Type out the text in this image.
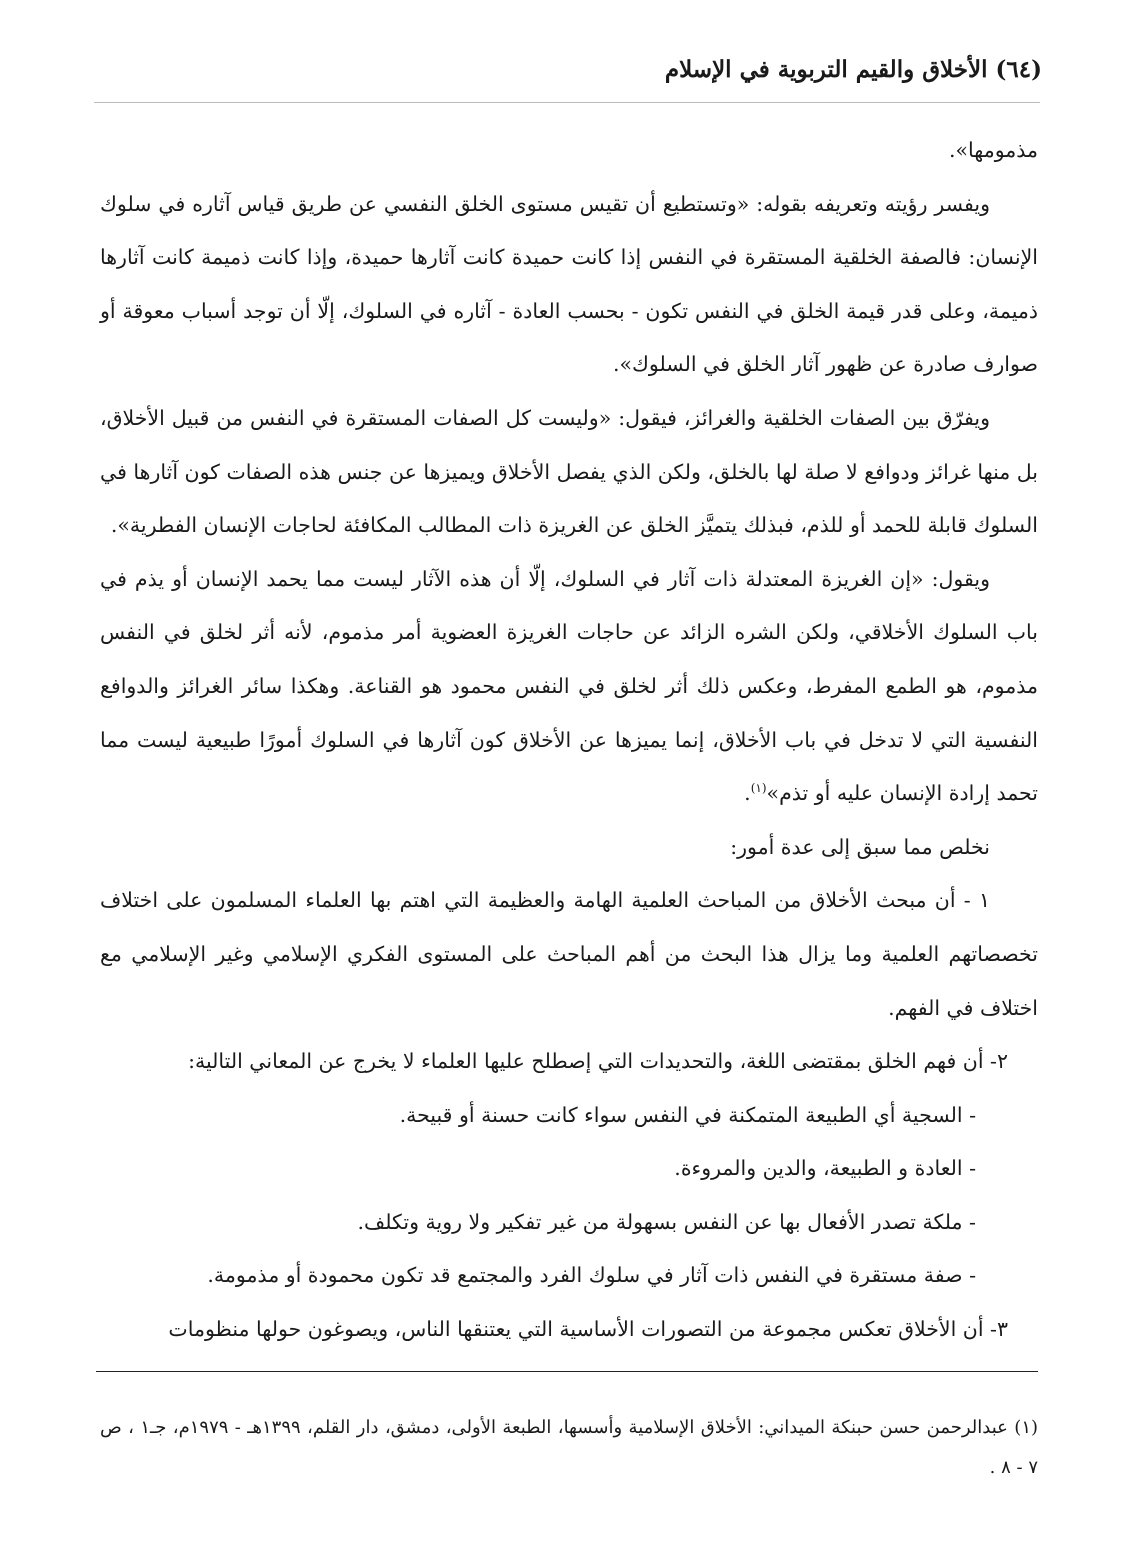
(٦٤) الأخلاق والقيم التربوية في الإسلام

مذمومها».

ويفسر رؤيته وتعريفه بقوله: «وتستطيع أن تقيس مستوى الخلق النفسي عن طريق قياس آثاره في سلوك الإنسان: فالصفة الخلقية المستقرة في النفس إذا كانت حميدة كانت آثارها حميدة، وإذا كانت ذميمة كانت آثارها ذميمة، وعلى قدر قيمة الخلق في النفس تكون - بحسب العادة - آثاره في السلوك، إلّا أن توجد أسباب معوقة أو صوارف صادرة عن ظهور آثار الخلق في السلوك».

ويفرّق بين الصفات الخلقية والغرائز، فيقول: «وليست كل الصفات المستقرة في النفس من قبيل الأخلاق، بل منها غرائز ودوافع لا صلة لها بالخلق، ولكن الذي يفصل الأخلاق ويميزها عن جنس هذه الصفات كون آثارها في السلوك قابلة للحمد أو للذم، فبذلك يتميَّز الخلق عن الغريزة ذات المطالب المكافئة لحاجات الإنسان الفطرية».

ويقول: «إن الغريزة المعتدلة ذات آثار في السلوك، إلّا أن هذه الآثار ليست مما يحمد الإنسان أو يذم في باب السلوك الأخلاقي، ولكن الشره الزائد عن حاجات الغريزة العضوية أمر مذموم، لأنه أثر لخلق في النفس مذموم، هو الطمع المفرط، وعكس ذلك أثر لخلق في النفس محمود هو القناعة. وهكذا سائر الغرائز والدوافع النفسية التي لا تدخل في باب الأخلاق، إنما يميزها عن الأخلاق كون آثارها في السلوك أمورًا طبيعية ليست مما تحمد إرادة الإنسان عليه أو تذم»$^{(١)}$.

نخلص مما سبق إلى عدة أمور:

١ - أن مبحث الأخلاق من المباحث العلمية الهامة والعظيمة التي اهتم بها العلماء المسلمون على اختلاف تخصصاتهم العلمية وما يزال هذا البحث من أهم المباحث على المستوى الفكري الإسلامي وغير الإسلامي مع اختلاف في الفهم.

٢- أن فهم الخلق بمقتضى اللغة، والتحديدات التي إصطلح عليها العلماء لا يخرج عن المعاني التالية:

- السجية أي الطبيعة المتمكنة في النفس سواء كانت حسنة أو قبيحة.

- العادة و الطبيعة، والدين والمروءة.

- ملكة تصدر الأفعال بها عن النفس بسهولة من غير تفكير ولا روية وتكلف.

- صفة مستقرة في النفس ذات آثار في سلوك الفرد والمجتمع قد تكون محمودة أو مذمومة.

٣- أن الأخلاق تعكس مجموعة من التصورات الأساسية التي يعتنقها الناس، ويصوغون حولها منظومات

(١) عبدالرحمن حسن حبنكة الميداني: الأخلاق الإسلامية وأسسها، الطبعة الأولى، دمشق، دار القلم، ١٣٩٩هـ - ١٩٧٩م، جـ١ ، ص ٧ - ٨ .
